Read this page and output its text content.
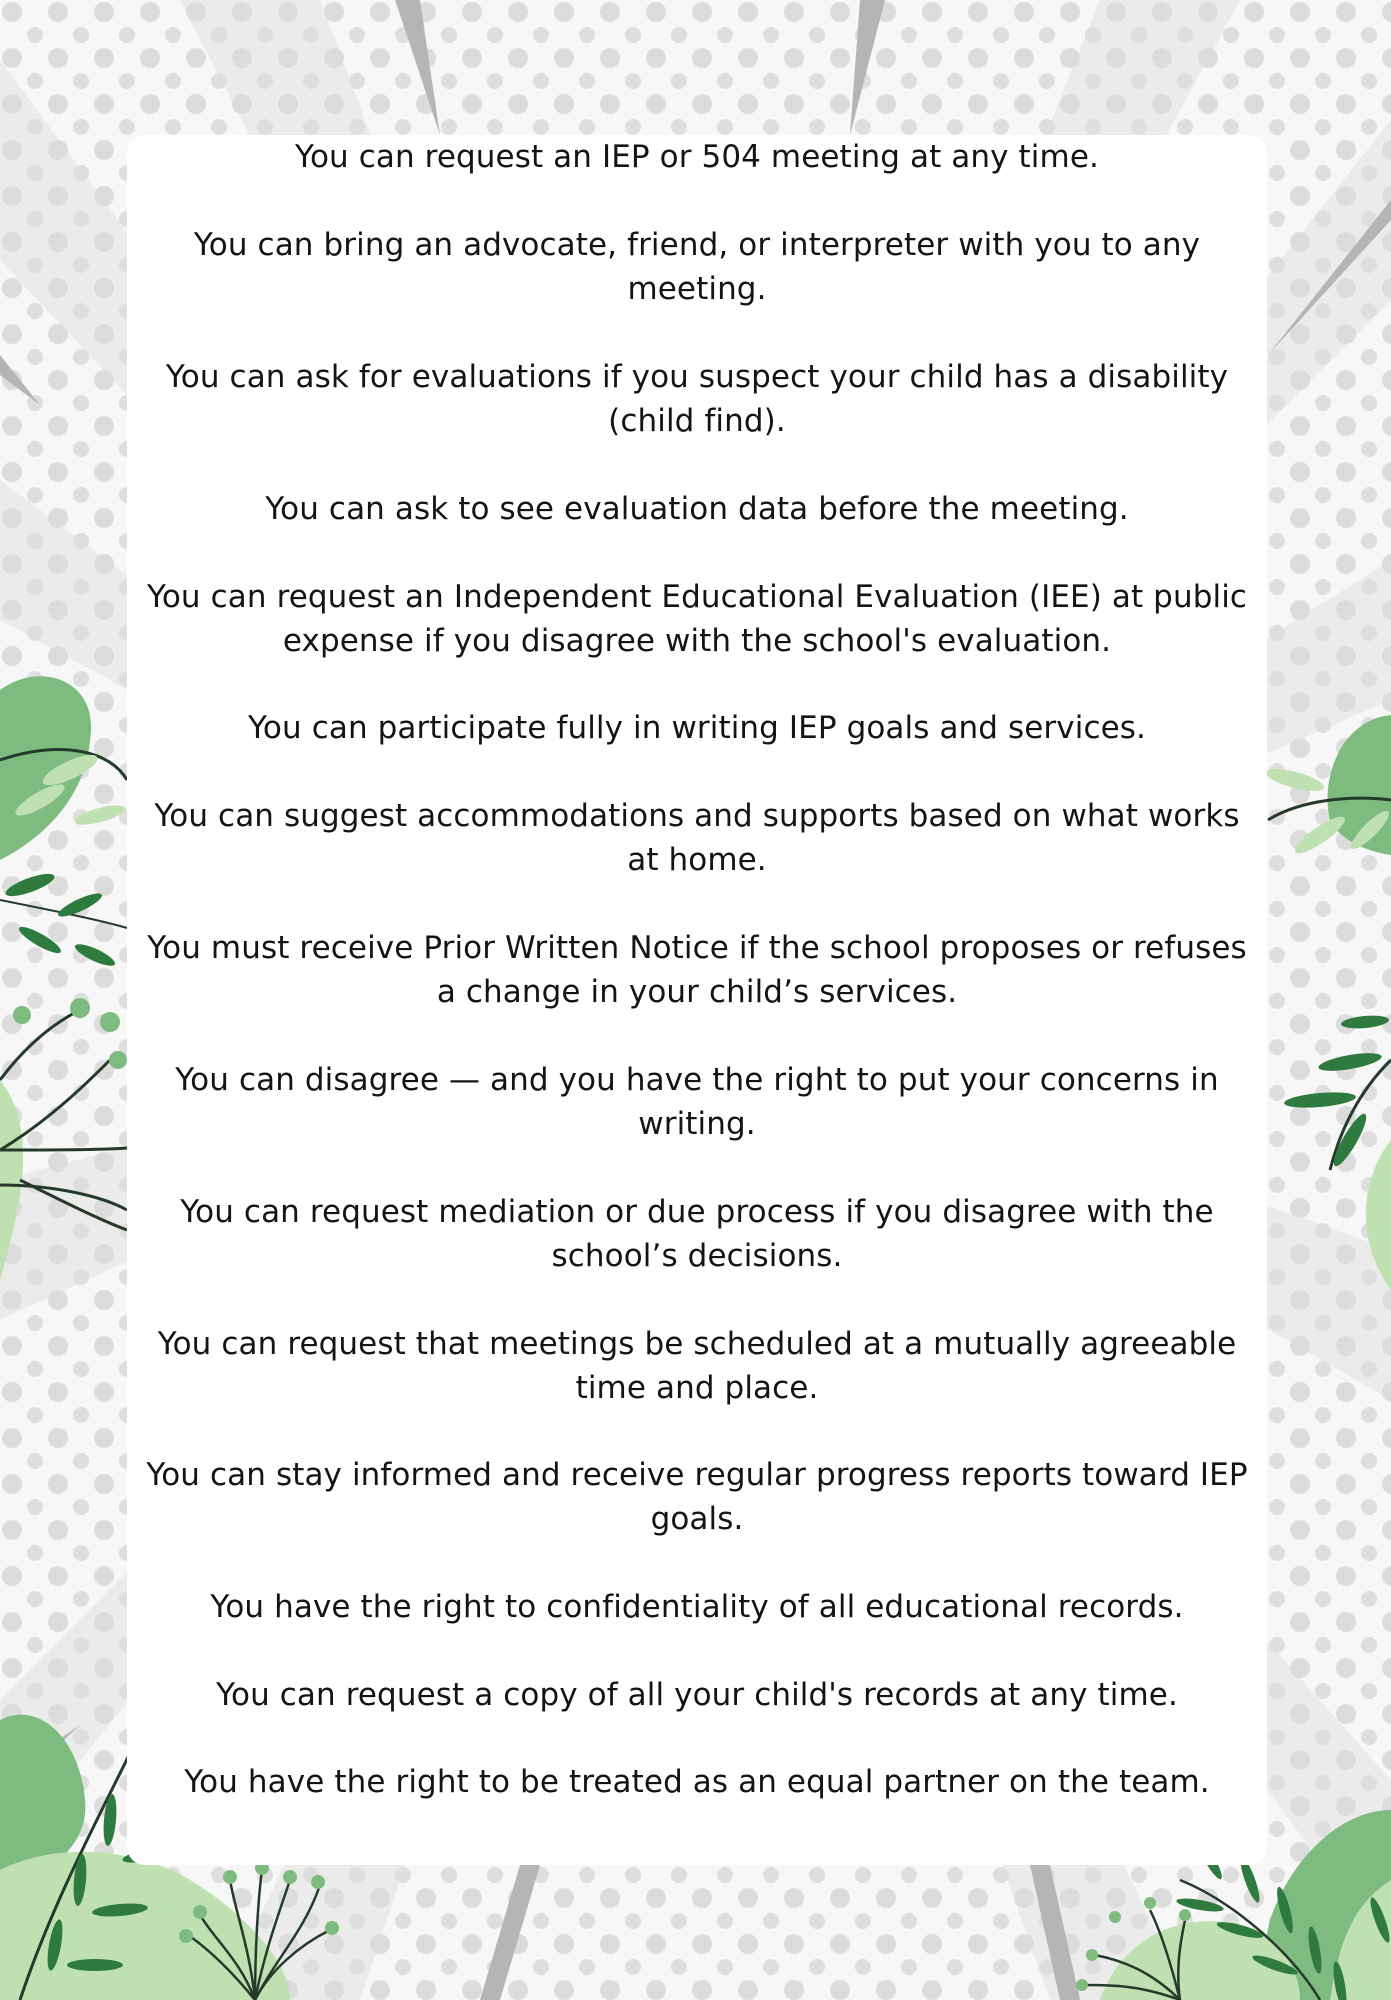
You can request an IEP or 504 meeting at any time.
You can bring an advocate, friend, or interpreter with you to any meeting.
You can ask for evaluations if you suspect your child has a disability (child find).
You can ask to see evaluation data before the meeting.
You can request an Independent Educational Evaluation (IEE) at public expense if you disagree with the school's evaluation.
You can participate fully in writing IEP goals and services.
You can suggest accommodations and supports based on what works at home.
You must receive Prior Written Notice if the school proposes or refuses a change in your child’s services.
You can disagree — and you have the right to put your concerns in writing.
You can request mediation or due process if you disagree with the school’s decisions.
You can request that meetings be scheduled at a mutually agreeable time and place.
You can stay informed and receive regular progress reports toward IEP goals.
You have the right to confidentiality of all educational records.
You can request a copy of all your child's records at any time.
You have the right to be treated as an equal partner on the team.
